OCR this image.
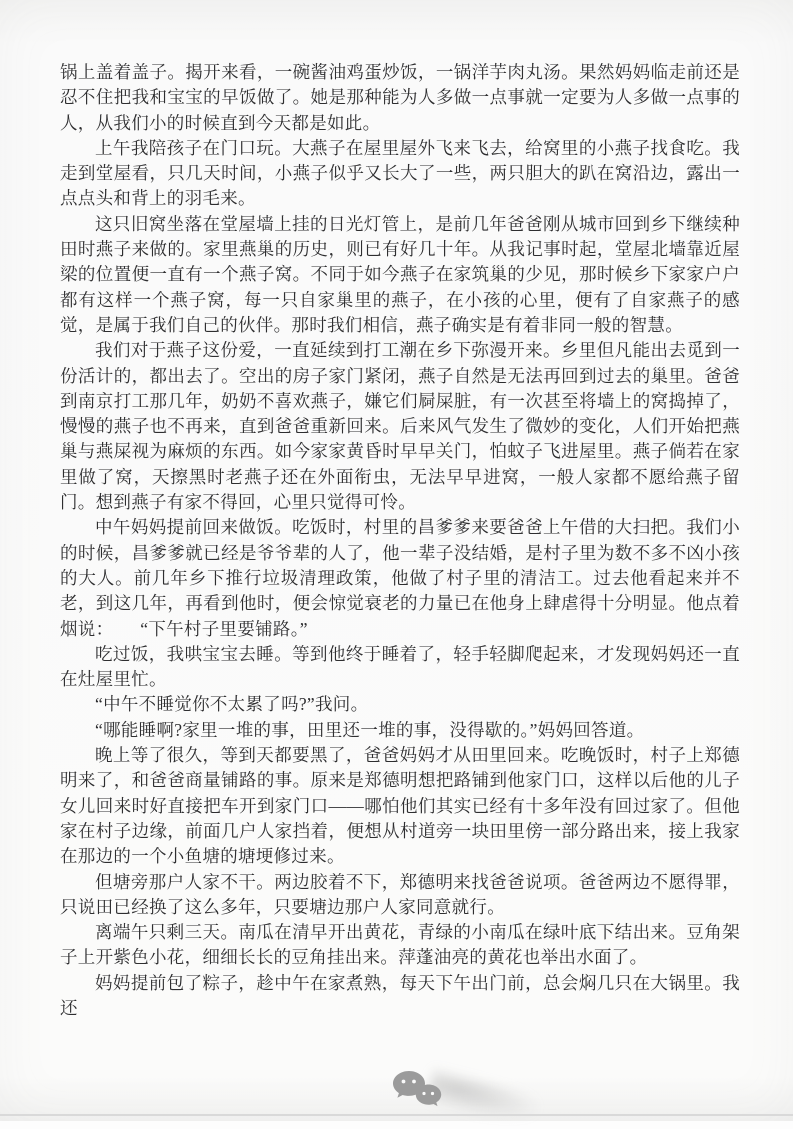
锅上盖着盖子。揭开来看，一碗酱油鸡蛋炒饭，一锅洋芋肉丸汤。果然妈妈临走前还是忍不住把我和宝宝的早饭做了。她是那种能为人多做一点事就一定要为人多做一点事的人，从我们小的时候直到今天都是如此。

上午我陪孩子在门口玩。大燕子在屋里屋外飞来飞去，给窝里的小燕子找食吃。我走到堂屋看，只几天时间，小燕子似乎又长大了一些，两只胆大的趴在窝沿边，露出一点点头和背上的羽毛来。

这只旧窝坐落在堂屋墙上挂的日光灯管上，是前几年爸爸刚从城市回到乡下继续种田时燕子来做的。家里燕巢的历史，则已有好几十年。从我记事时起，堂屋北墙靠近屋梁的位置便一直有一个燕子窝。不同于如今燕子在家筑巢的少见，那时候乡下家家户户都有这样一个燕子窝，每一只自家巢里的燕子，在小孩的心里，便有了自家燕子的感觉，是属于我们自己的伙伴。那时我们相信，燕子确实是有着非同一般的智慧。

我们对于燕子这份爱，一直延续到打工潮在乡下弥漫开来。乡里但凡能出去觅到一份活计的，都出去了。空出的房子家门紧闭，燕子自然是无法再回到过去的巢里。爸爸到南京打工那几年，奶奶不喜欢燕子，嫌它们屙屎脏，有一次甚至将墙上的窝捣掉了，慢慢的燕子也不再来，直到爸爸重新回来。后来风气发生了微妙的变化，人们开始把燕巢与燕屎视为麻烦的东西。如今家家黄昏时早早关门，怕蚊子飞进屋里。燕子倘若在家里做了窝，天擦黑时老燕子还在外面衔虫，无法早早进窝，一般人家都不愿给燕子留门。想到燕子有家不得回，心里只觉得可怜。

中午妈妈提前回来做饭。吃饭时，村里的昌爹爹来要爸爸上午借的大扫把。我们小的时候，昌爹爹就已经是爷爷辈的人了，他一辈子没结婚，是村子里为数不多不凶小孩的大人。前几年乡下推行垃圾清理政策，他做了村子里的清洁工。过去他看起来并不老，到这几年，再看到他时，便会惊觉衰老的力量已在他身上肆虐得十分明显。他点着烟说：　　“下午村子里要铺路。”

吃过饭，我哄宝宝去睡。等到他终于睡着了，轻手轻脚爬起来，才发现妈妈还一直在灶屋里忙。

“中午不睡觉你不太累了吗?”我问。

“哪能睡啊?家里一堆的事，田里还一堆的事，没得歇的。”妈妈回答道。

晚上等了很久，等到天都要黑了，爸爸妈妈才从田里回来。吃晚饭时，村子上郑德明来了，和爸爸商量铺路的事。原来是郑德明想把路铺到他家门口，这样以后他的儿子女儿回来时好直接把车开到家门口——哪怕他们其实已经有十多年没有回过家了。但他家在村子边缘，前面几户人家挡着，便想从村道旁一块田里傍一部分路出来，接上我家在那边的一个小鱼塘的塘埂修过来。

但塘旁那户人家不干。两边胶着不下，郑德明来找爸爸说项。爸爸两边不愿得罪，只说田已经换了这么多年，只要塘边那户人家同意就行。

离端午只剩三天。南瓜在清早开出黄花，青绿的小南瓜在绿叶底下结出来。豆角架子上开紫色小花，细细长长的豆角挂出来。萍蓬油亮的黄花也举出水面了。

妈妈提前包了粽子，趁中午在家煮熟，每天下午出门前，总会焖几只在大锅里。我还
